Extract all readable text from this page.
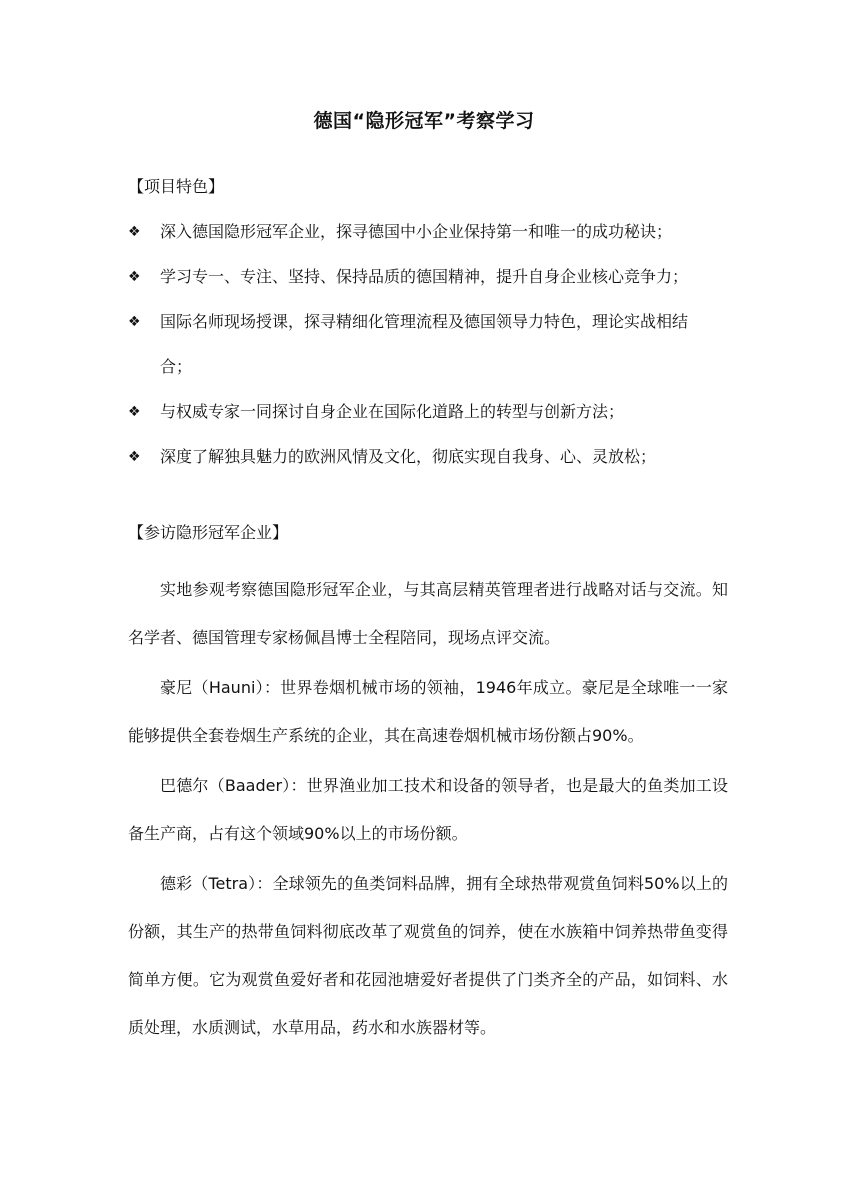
德国“隐形冠军”考察学习
【项目特色】
❖ 深入德国隐形冠军企业，探寻德国中小企业保持第一和唯一的成功秘诀；
❖ 学习专一、专注、坚持、保持品质的德国精神，提升自身企业核心竞争力；
❖ 国际名师现场授课，探寻精细化管理流程及德国领导力特色，理论实战相结
合；
❖ 与权威专家一同探讨自身企业在国际化道路上的转型与创新方法；
❖ 深度了解独具魅力的欧洲风情及文化，彻底实现自我身、心、灵放松；
【参访隐形冠军企业】

实地参观考察德国隐形冠军企业，与其高层精英管理者进行战略对话与交流。知名学者、德国管理专家杨佩昌博士全程陪同，现场点评交流。

豪尼（Hauni）：世界卷烟机械市场的领袖，1946年成立。豪尼是全球唯一一家能够提供全套卷烟生产系统的企业，其在高速卷烟机械市场份额占90%。

巴德尔（Baader）：世界渔业加工技术和设备的领导者，也是最大的鱼类加工设备生产商，占有这个领域90%以上的市场份额。

德彩（Tetra）：全球领先的鱼类饲料品牌，拥有全球热带观赏鱼饲料50%以上的份额，其生产的热带鱼饲料彻底改革了观赏鱼的饲养，使在水族箱中饲养热带鱼变得简单方便。它为观赏鱼爱好者和花园池塘爱好者提供了门类齐全的产品，如饲料、水质处理，水质测试，水草用品，药水和水族器材等。
